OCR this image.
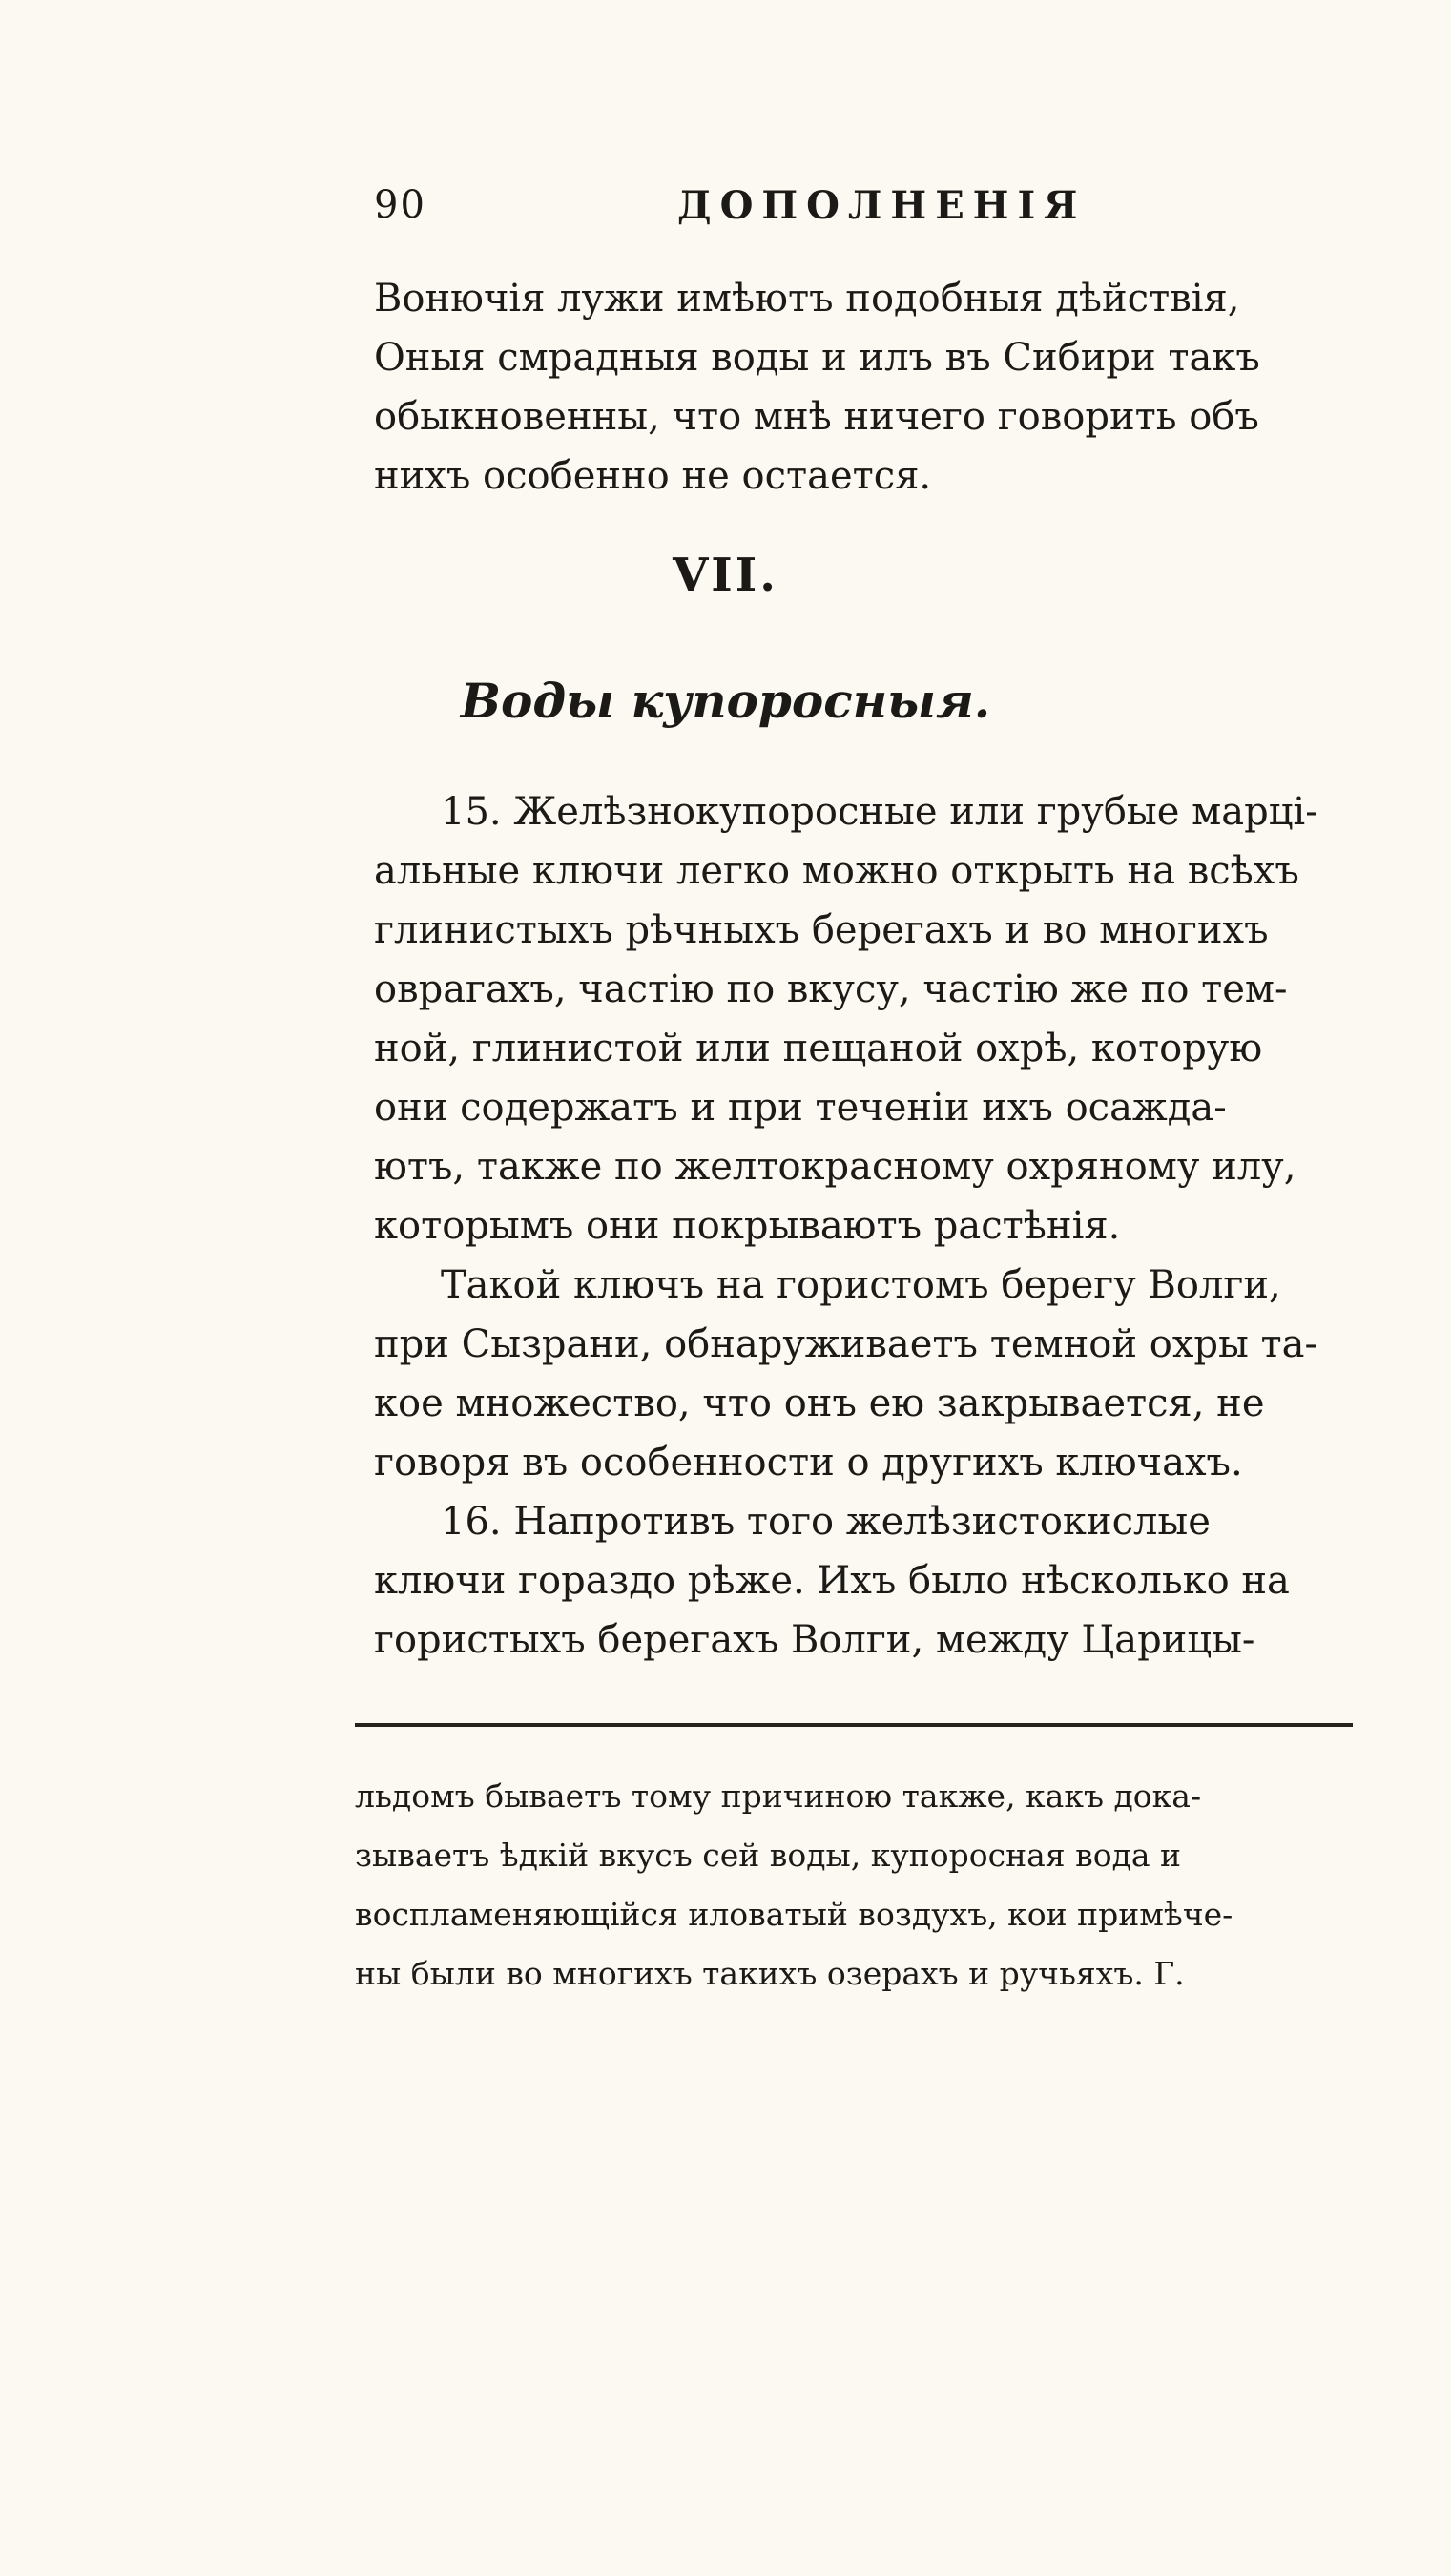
90	ДОПОЛНЕНІЯ

Вонючія лужи имѣютъ подобныя дѣйствія,
Оныя смрадныя воды и илъ въ Сибири такъ
обыкновенны, что мнѣ ничего говорить объ
нихъ особенно не остается.

VII.
Воды купоросныя.

15. Желѣзнокупоросные или грубые марці-
альные ключи легко можно открыть на всѣхъ
глинистыхъ рѣчныхъ берегахъ и во многихъ
оврагахъ, частію по вкусу, частію же по тем-
ной, глинистой или пещаной охрѣ, которую
они содержатъ и при теченіи ихъ осажда-
ютъ, также по желтокрасному охряному илу,
которымъ они покрываютъ растѣнія.

Такой ключъ на гористомъ берегу Волги,
при Сызрани, обнаруживаетъ темной охры та-
кое множество, что онъ ею закрывается, не
говоря въ особенности о другихъ ключахъ.

16. Напротивъ того желѣзистокислые
ключи гораздо рѣже. Ихъ было нѣсколько на
гористыхъ берегахъ Волги, между Царицы-

льдомъ бываетъ тому причиною также, какъ дока-
зываетъ ѣдкій вкусъ сей воды, купоросная вода и
воспламеняющійся иловатый воздухъ, кои примѣче-
ны были во многихъ такихъ озерахъ и ручьяхъ. Г.
